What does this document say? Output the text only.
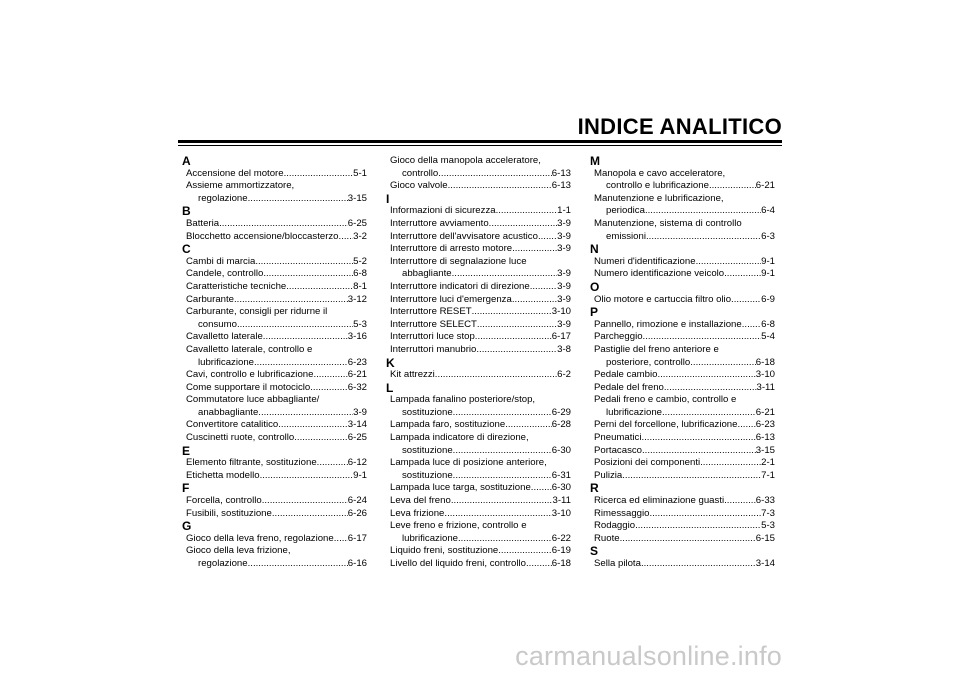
INDICE ANALITICO
A
Accensione del motore .....	5-1
Assieme ammortizzatore,
regolazione .....	3-15
B
Batteria .....	6-25
Blocchetto accensione/bloccasterzo ..... 3-2
C
Cambi di marcia .....	5-2
Candele, controllo .....	6-8
Caratteristiche tecniche .....	8-1
Carburante .....	3-12
Carburante, consigli per ridurne il
consumo .....	5-3
Cavalletto laterale .....	3-16
Cavalletto laterale, controllo e
lubrificazione .....	6-23
Cavi, controllo e lubrificazione .....	6-21
Come supportare il motociclo .....	6-32
Commutatore luce abbagliante/
anabbagliante .....	3-9
Convertitore catalitico .....	3-14
Cuscinetti ruote, controllo .....	6-25
E
Elemento filtrante, sostituzione .....	6-12
Etichetta modello .....	9-1
F
Forcella, controllo .....	6-24
Fusibili, sostituzione .....	6-26
G
Gioco della leva freno, regolazione ..... 6-17
Gioco della leva frizione,
regolazione .....	6-16
Gioco della manopola acceleratore,
controllo .....	6-13
Gioco valvole .....	6-13
I
Informazioni di sicurezza .....	1-1
Interruttore avviamento .....	3-9
Interruttore dell'avvisatore acustico ..... 3-9
Interruttore di arresto motore .....	3-9
Interruttore di segnalazione luce
abbagliante .....	3-9
Interruttore indicatori di direzione .....	3-9
Interruttore luci d'emergenza .....	3-9
Interruttore RESET .....	3-10
Interruttore SELECT .....	3-9
Interruttori luce stop .....	6-17
Interruttori manubrio .....	3-8
K
Kit attrezzi .....	6-2
L
Lampada fanalino posteriore/stop,
sostituzione .....	6-29
Lampada faro, sostituzione .....	6-28
Lampada indicatore di direzione,
sostituzione .....	6-30
Lampada luce di posizione anteriore,
sostituzione .....	6-31
Lampada luce targa, sostituzione ..... 6-30
Leva del freno .....	3-11
Leva frizione .....	3-10
Leve freno e frizione, controllo e
lubrificazione .....	6-22
Liquido freni, sostituzione .....	6-19
Livello del liquido freni, controllo .....	6-18
M
Manopola e cavo acceleratore,
controllo e lubrificazione .....	6-21
Manutenzione e lubrificazione,
periodica .....	6-4
Manutenzione, sistema di controllo
emissioni .....	6-3
N
Numeri d'identificazione .....	9-1
Numero identificazione veicolo .....	9-1
O
Olio motore e cartuccia filtro olio .....	6-9
P
Pannello, rimozione e installazione ..... 6-8
Parcheggio .....	5-4
Pastiglie del freno anteriore e
posteriore, controllo .....	6-18
Pedale cambio .....	3-10
Pedale del freno .....	3-11
Pedali freno e cambio, controllo e
lubrificazione .....	6-21
Perni del forcellone, lubrificazione ..... 6-23
Pneumatici .....	6-13
Portacasco .....	3-15
Posizioni dei componenti .....	2-1
Pulizia .....	7-1
R
Ricerca ed eliminazione guasti .....	6-33
Rimessaggio .....	7-3
Rodaggio .....	5-3
Ruote .....	6-15
S
Sella pilota .....	3-14
carmanualsonline.info
